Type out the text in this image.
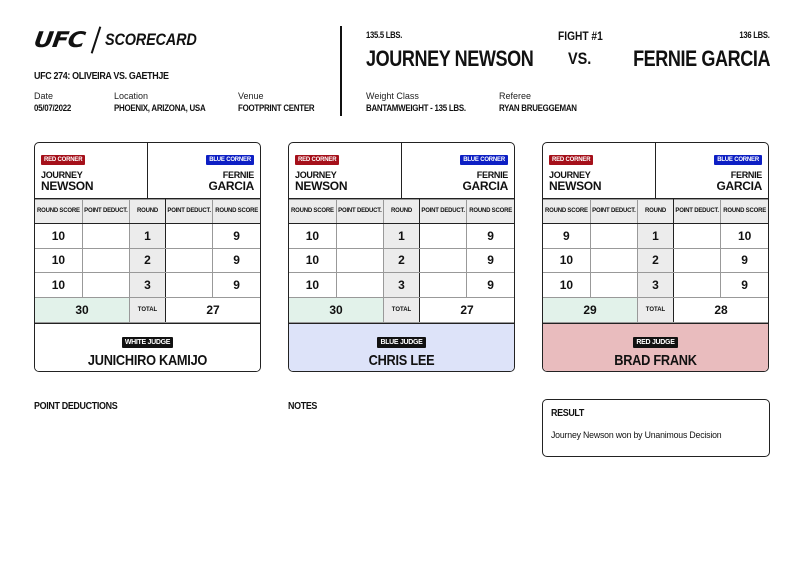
UFC SCORECARD
UFC 274: OLIVEIRA VS. GAETHJE
Date
05/07/2022
Location
PHOENIX, ARIZONA, USA
Venue
FOOTPRINT CENTER
135.5 LBS.
JOURNEY NEWSON
FIGHT #1
VS.
136 LBS.
FERNIE GARCIA
Weight Class
BANTAMWEIGHT - 135 LBS.
Referee
RYAN BRUEGGEMAN
RED CORNER
JOURNEY
NEWSON
BLUE CORNER
FERNIE
GARCIA
ROUND SCORE	POINT DEDUCT.	ROUND	POINT DEDUCT.	ROUND SCORE
10		1		9
10		2		9
10		3		9
30		TOTAL	27	
WHITE JUDGE
JUNICHIRO KAMIJO
RED CORNER
JOURNEY
NEWSON
BLUE CORNER
FERNIE
GARCIA
ROUND SCORE	POINT DEDUCT.	ROUND	POINT DEDUCT.	ROUND SCORE
10		1		9
10		2		9
10		3		9
30		TOTAL	27	
BLUE JUDGE
CHRIS LEE
RED CORNER
JOURNEY
NEWSON
BLUE CORNER
FERNIE
GARCIA
ROUND SCORE	POINT DEDUCT.	ROUND	POINT DEDUCT.	ROUND SCORE
9		1		10
10		2		9
10		3		9
29		TOTAL	28	
RED JUDGE
BRAD FRANK
POINT DEDUCTIONS	NOTES
RESULT
Journey Newson won by Unanimous Decision
